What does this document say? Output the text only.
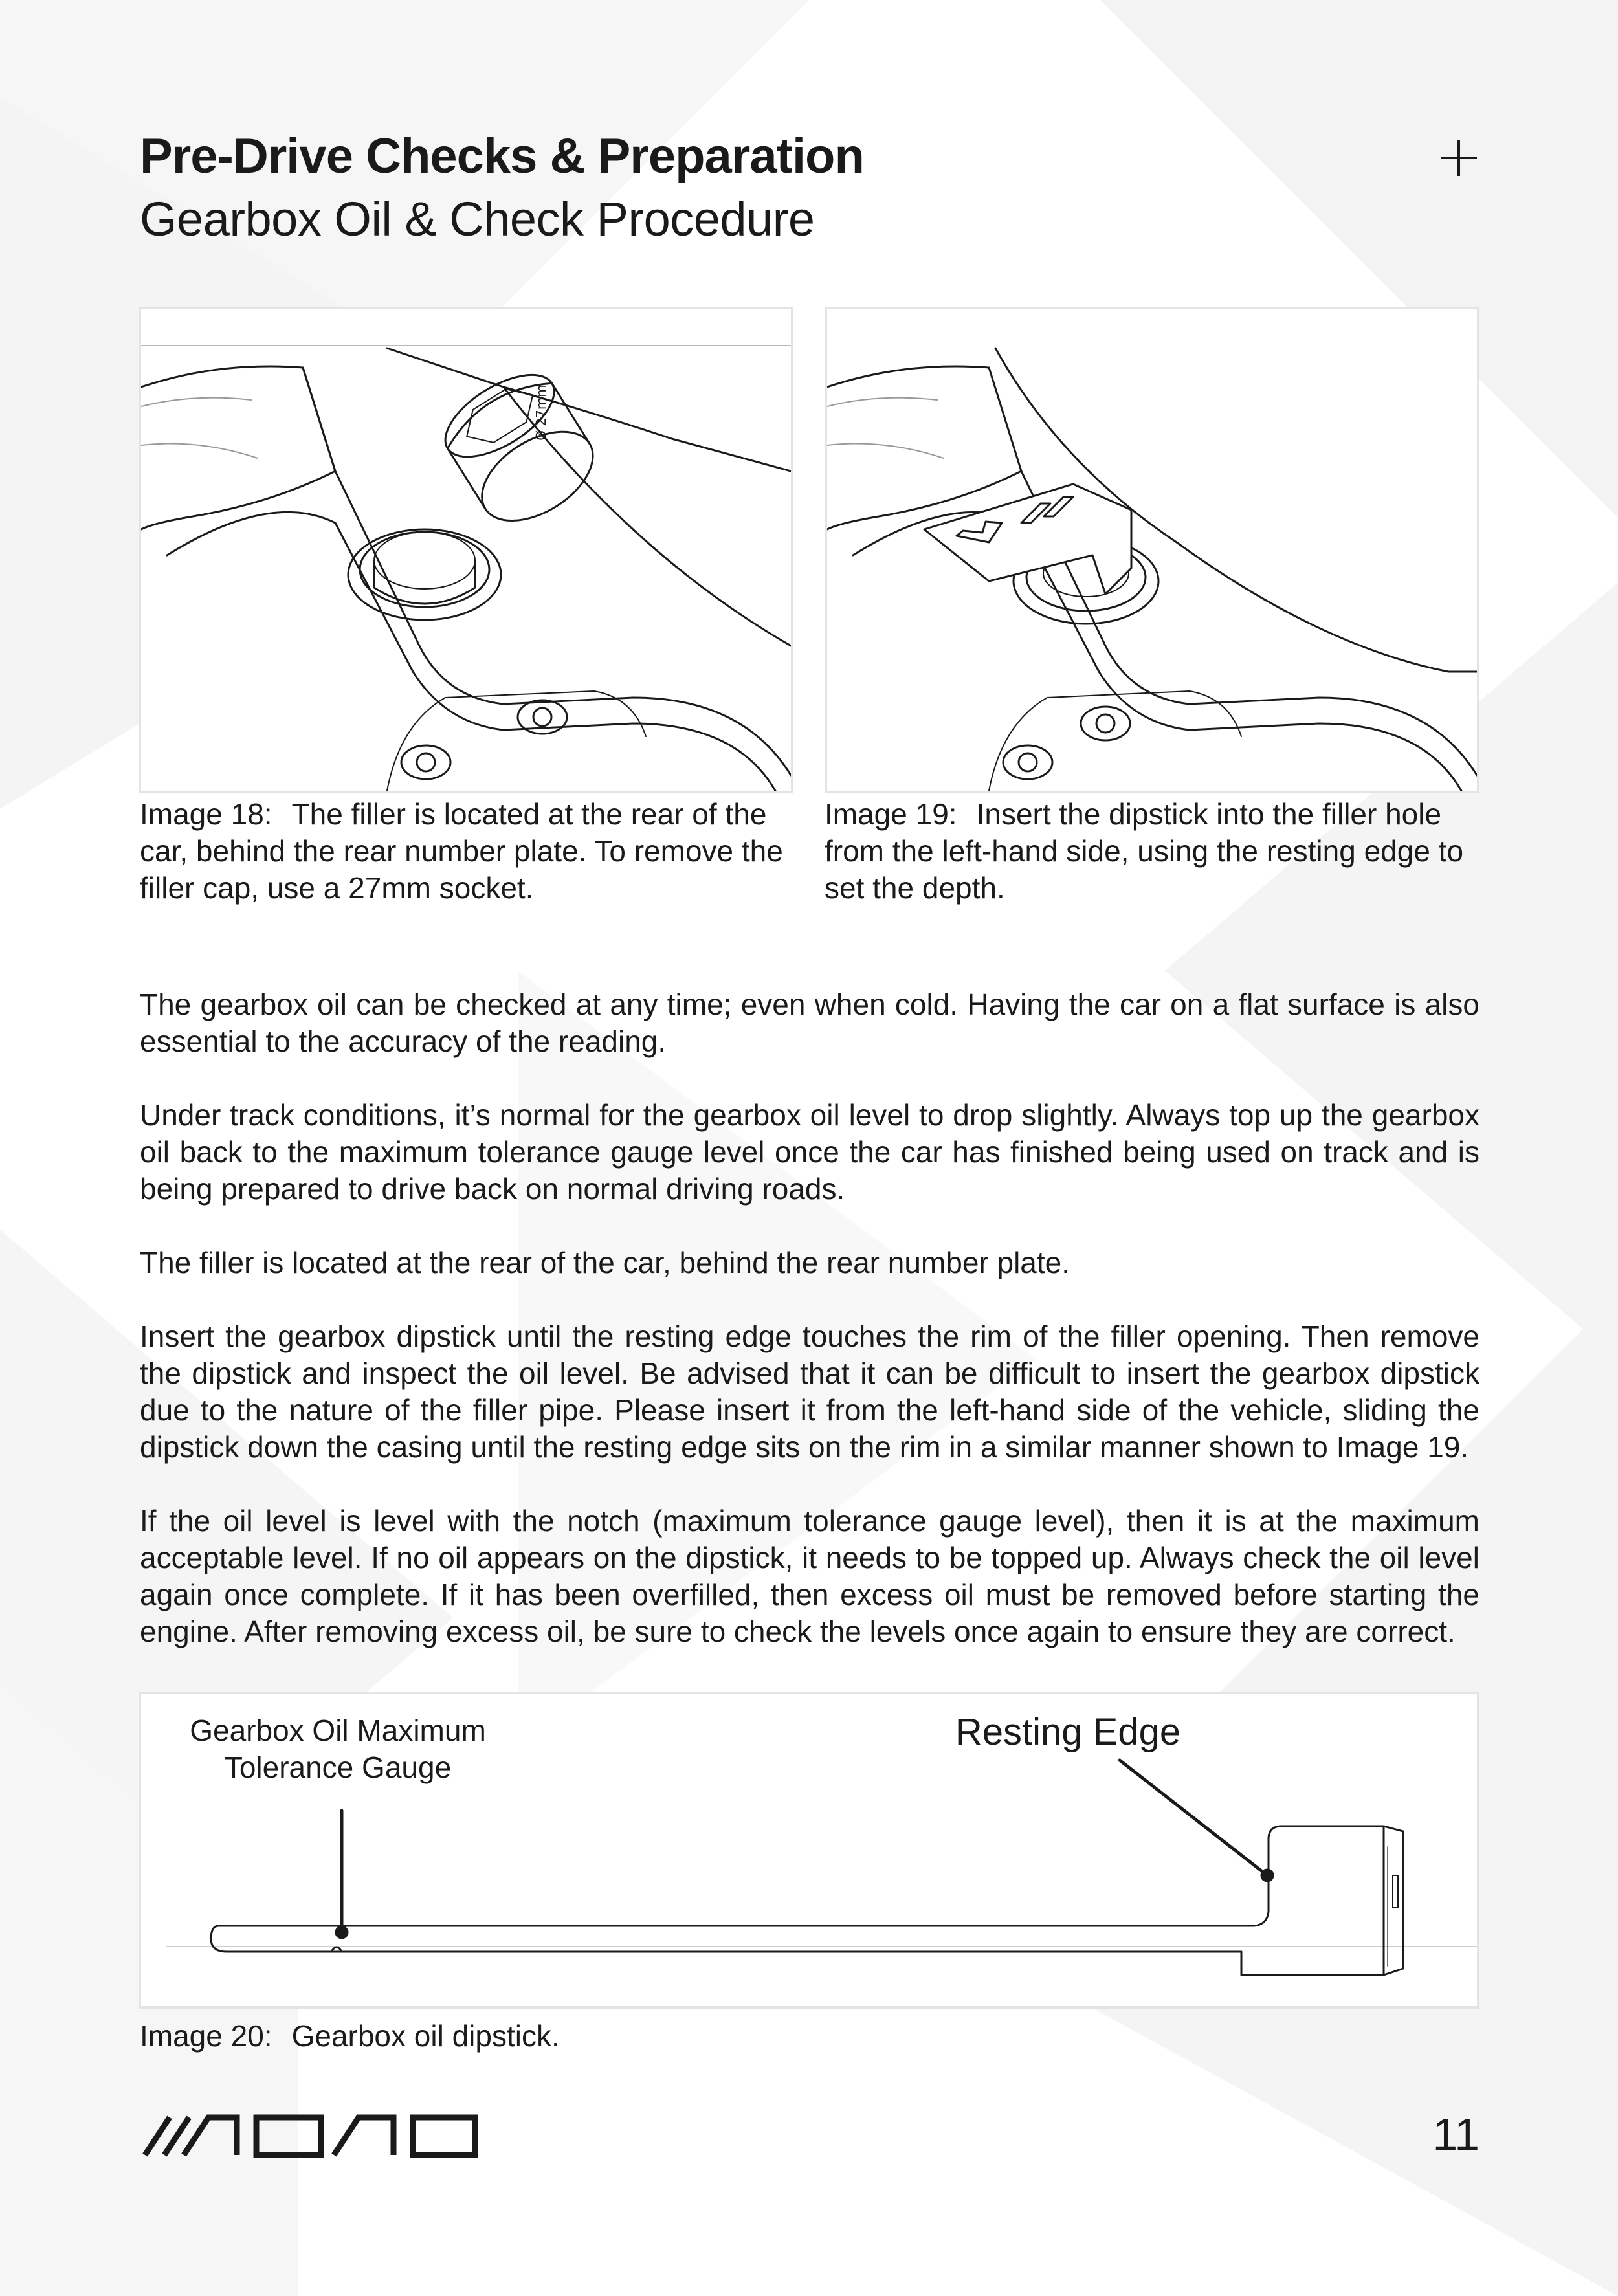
Pre-Drive Checks & Preparation
Gearbox Oil & Check Procedure
Ø 27mm

Image 18: The filler is located at the rear of the car, behind the rear number plate. To remove the filler cap, use a 27mm socket.

Image 19: Insert the dipstick into the filler hole from the left-hand side, using the resting edge to set the depth.

The gearbox oil can be checked at any time; even when cold. Having the car on a flat surface is also essential to the accuracy of the reading.

Under track conditions, it’s normal for the gearbox oil level to drop slightly. Always top up the gearbox oil back to the maximum tolerance gauge level once the car has finished being used on track and is being prepared to drive back on normal driving roads.

The filler is located at the rear of the car, behind the rear number plate.

Insert the gearbox dipstick until the resting edge touches the rim of the filler opening. Then remove the dipstick and inspect the oil level. Be advised that it can be difficult to insert the gearbox dipstick due to the nature of the filler pipe. Please insert it from the left-hand side of the vehicle, sliding the dipstick down the casing until the resting edge sits on the rim in a similar manner shown to Image 19.

If the oil level is level with the notch (maximum tolerance gauge level), then it is at the maximum acceptable level. If no oil appears on the dipstick, it needs to be topped up. Always check the oil level again once complete. If it has been overfilled, then excess oil must be removed before starting the engine. After removing excess oil, be sure to check the levels once again to ensure they are correct.

Gearbox Oil Maximum
Tolerance Gauge
Resting Edge

Image 20: Gearbox oil dipstick.

11
